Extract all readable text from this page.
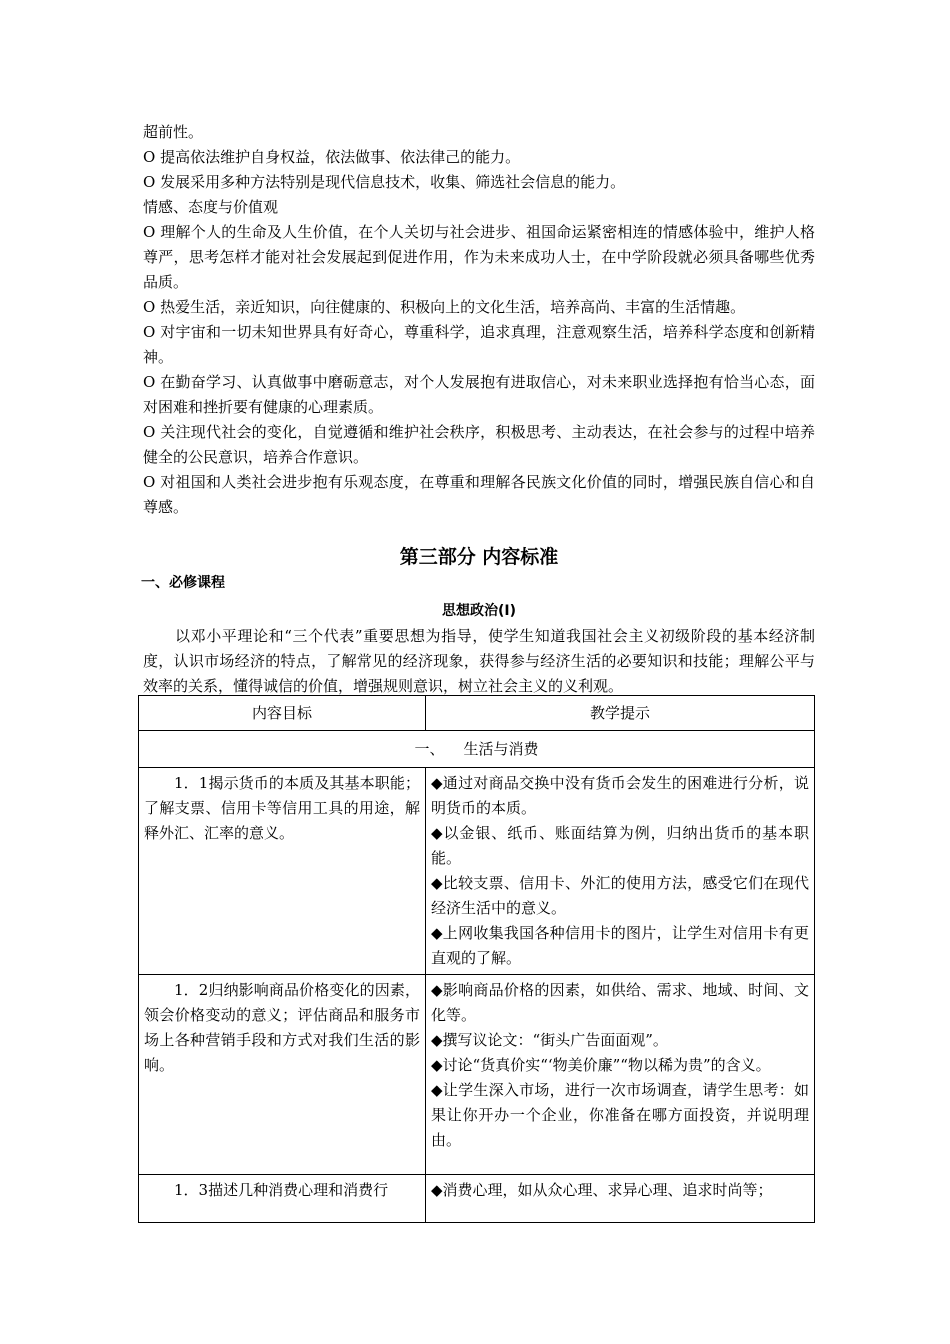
超前性。

O 提高依法维护自身权益，依法做事、依法律己的能力。

O 发展采用多种方法特别是现代信息技术，收集、筛选社会信息的能力。

情感、态度与价值观

O 理解个人的生命及人生价值，在个人关切与社会进步、祖国命运紧密相连的情感体验中，维护人格尊严，思考怎样才能对社会发展起到促进作用，作为未来成功人士，在中学阶段就必须具备哪些优秀品质。

O 热爱生活，亲近知识，向往健康的、积极向上的文化生活，培养高尚、丰富的生活情趣。

O 对宇宙和一切未知世界具有好奇心，尊重科学，追求真理，注意观察生活，培养科学态度和创新精神。

O 在勤奋学习、认真做事中磨砺意志，对个人发展抱有进取信心，对未来职业选择抱有恰当心态，面对困难和挫折要有健康的心理素质。

O 关注现代社会的变化，自觉遵循和维护社会秩序，积极思考、主动表达，在社会参与的过程中培养健全的公民意识，培养合作意识。

O 对祖国和人类社会进步抱有乐观态度，在尊重和理解各民族文化价值的同时，增强民族自信心和自尊感。

第三部分 内容标准
一、必修课程
思想政治(Ⅰ)

以邓小平理论和“三个代表”重要思想为指导，使学生知道我国社会主义初级阶段的基本经济制度，认识市场经济的特点，了解常见的经济现象，获得参与经济生活的必要知识和技能；理解公平与效率的关系，懂得诚信的价值，增强规则意识，树立社会主义的义利观。

内容目标	教学提示
一、    生活与消费	
1．1揭示货币的本质及其基本职能；了解支票、信用卡等信用工具的用途，解释外汇、汇率的意义。	◆通过对商品交换中没有货币会发生的困难进行分析，说明货币的本质。

◆以金银、纸币、账面结算为例，归纳出货币的基本职能。

◆比较支票、信用卡、外汇的使用方法，感受它们在现代经济生活中的意义。

◆上网收集我国各种信用卡的图片，让学生对信用卡有更直观的了解。

1．2归纳影响商品价格变化的因素，领会价格变动的意义；评估商品和服务市场上各种营销手段和方式对我们生活的影响。	◆影响商品价格的因素，如供给、需求、地域、时间、文化等。

◆撰写议论文：“街头广告面面观”。

◆讨论“货真价实“‘物美价廉”“物以稀为贵”的含义。

◆让学生深入市场，进行一次市场调查，请学生思考：如果让你开办一个企业，你准备在哪方面投资，并说明理由。

1．3描述几种消费心理和消费行	◆消费心理，如从众心理、求异心理、追求时尚等；
